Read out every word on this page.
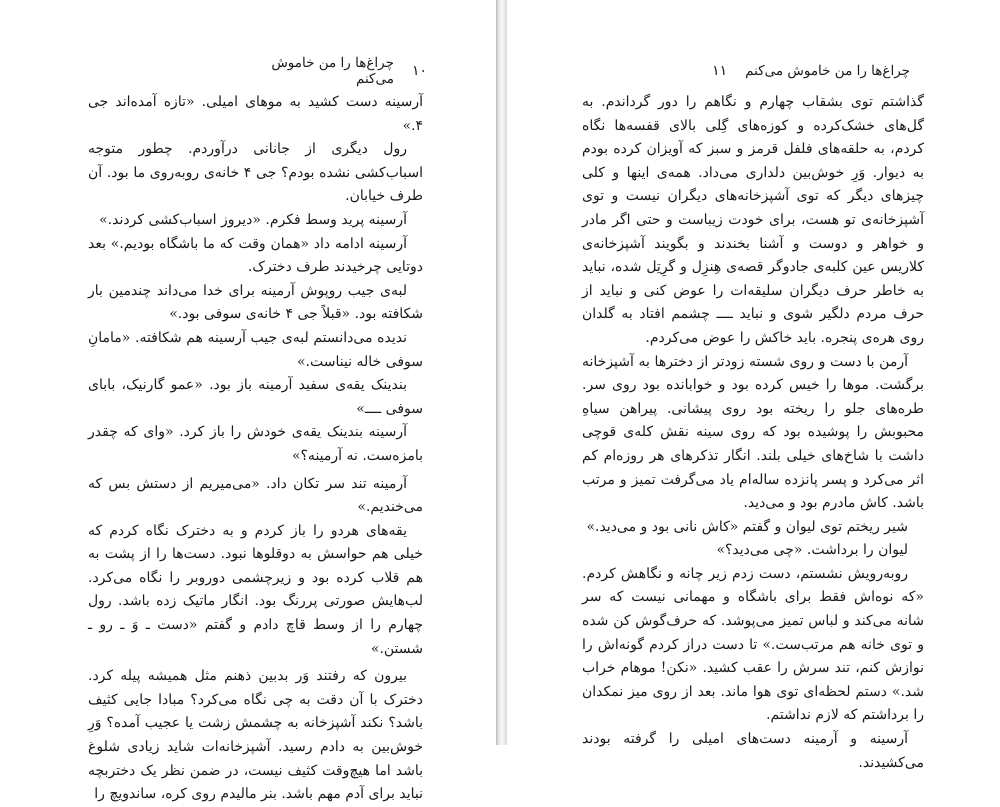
۱۰
چراغ‌ها را من خاموش می‌کنم

آرسینه دست کشید به موهای امیلی. «تازه آمده‌اند جی ۴.»

رول دیگری از جانانی درآوردم. چطور متوجه اسباب‌کشی نشده بودم؟ جی ۴ خانه‌ی روبه‌روی ما بود. آن طرف خیابان.

آرسینه پرید وسط فکرم. «دیروز اسباب‌کشی کردند.»

آرسینه ادامه داد «همان وقت که ما باشگاه بودیم.» بعد دوتایی چرخیدند طرف دخترک.

لبه‌ی جیب روپوش آرمینه برای خدا می‌داند چندمین بار شکافته بود. «قبلاً جی ۴ خانه‌ی سوفی بود.»

ندیده می‌دانستم لبه‌ی جیب آرسینه هم شکافته. «مامانِ سوفی خاله نیناست.»

بندینک یقه‌ی سفید آرمینه باز بود. «عمو گارنیک، بابای سوفی ــــ»

آرسینه بندینک یقه‌ی خودش را باز کرد. «وای که چقدر بامزه‌ست. نه آرمینه؟»

آرمینه تند سر تکان داد. «می‌میریم از دستش بس که می‌خندیم.»

یقه‌های هردو را باز کردم و به دخترک نگاه کردم که خیلی هم حواسش به دوقلوها نبود. دست‌ها را از پشت به هم قلاب کرده بود و زیرچشمی دوروبر را نگاه می‌کرد. لب‌هایش صورتی پررنگ بود. انگار ماتیک زده باشد. رول چهارم را از وسط قاچ دادم و گفتم «دست ـ وَ ـ رو ـ شستن.»

بیرون که رفتند وَر بدبین ذهنم مثل همیشه پیله کرد. دخترک با آن دقت به چی نگاه می‌کرد؟ مبادا جایی کثیف باشد؟ نکند آشپزخانه به چشمش زشت یا عجیب آمده؟ وَرِ خوش‌بین به دادم رسید. آشپزخانه‌ات شاید زیادی شلوغ باشد اما هیچ‌وقت کثیف نیست، در ضمن نظر یک دختربچه نباید برای آدم مهم باشد. بنر مالیدم روی کره، ساندویچ را

چراغ‌ها را من خاموش می‌کنم
۱۱

گذاشتم توی بشقاب چهارم و نگاهم را دور گرداندم. به گل‌های خشک‌کرده و کوزه‌های گِلی بالای قفسه‌ها نگاه کردم، به حلقه‌های فلفل قرمز و سبز که آویزان کرده بودم به دیوار. وَرِ خوش‌بین دلداری می‌داد. همه‌ی اینها و کلی چیزهای دیگر که توی آشپزخانه‌های دیگران نیست و توی آشپزخانه‌ی تو هست، برای خودت زیباست و حتی اگر مادر و خواهر و دوست و آشنا بخندند و بگویند آشپزخانه‌ی کلاریس عین کلبه‌ی جادوگر قصه‌ی هِنزِل و گرِتِل شده، نباید به خاطر حرف دیگران سلیقه‌ات را عوض کنی و نباید از حرف مردم دلگیر شوی و نباید ــــ چشمم افتاد به گلدان روی هره‌ی پنجره. باید خاکش را عوض می‌کردم.

آرمن با دست و روی شسته زودتر از دخترها به آشپزخانه برگشت. موها را خیس کرده بود و خوابانده بود روی سر. طره‌های جلو را ریخته بود روی پیشانی. پیراهن سیاهِ محبوبش را پوشیده بود که روی سینه نقش کله‌ی قوچی داشت با شاخ‌های خیلی بلند. انگار تذکرهای هر روزه‌ام کم اثر می‌کرد و پسر پانزده ساله‌ام یاد می‌گرفت تمیز و مرتب باشد. کاش مادرم بود و می‌دید.

شیر ریختم توی لیوان و گفتم «کاش نانی بود و می‌دید.»

لیوان را برداشت. «چی می‌دید؟»

روبه‌رویش نشستم، دست زدم زیر چانه و نگاهش کردم. «که نوه‌اش فقط برای باشگاه و مهمانی نیست که سر شانه می‌کند و لباس تمیز می‌پوشد. که حرف‌گوش کن شده و توی خانه هم مرتب‌ست.» تا دست دراز کردم گونه‌اش را نوازش کنم، تند سرش را عقب کشید. «نکن! موهام خراب شد.» دستم لحظه‌ای توی هوا ماند. بعد از روی میز نمکدان را برداشتم که لازم نداشتم.

آرسینه و آرمینه دست‌های امیلی را گرفته بودند می‌کشیدند.
